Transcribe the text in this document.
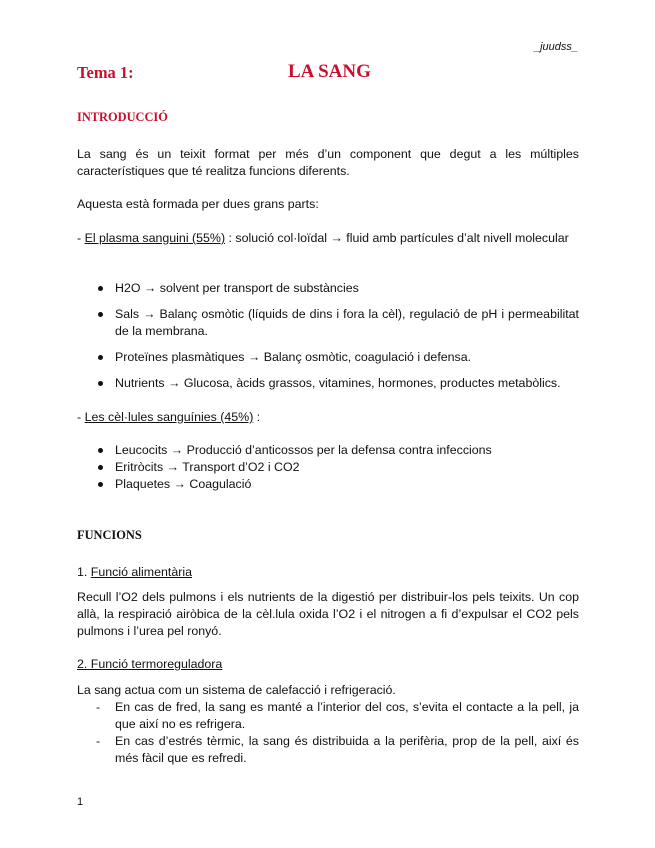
_juudss_
Tema 1:	LA SANG
INTRODUCCIÓ

La sang és un teixit format per més d’un component que degut a les múltiples característiques que té realitza funcions diferents.

Aquesta està formada per dues grans parts:

- El plasma sanguini (55%) : solució col·loïdal → fluid amb partícules d’alt nivell molecular

H2O → solvent per transport de substàncies
Sals → Balanç osmòtic (líquids de dins i fora la cèl), regulació de pH i permeabilitat de la membrana.
Proteïnes plasmàtiques → Balanç osmòtic, coagulació i defensa.
Nutrients → Glucosa, àcids grassos, vitamines, hormones, productes metabòlics.

- Les cèl·lules sanguínies (45%) :

Leucocits → Producció d’anticossos per la defensa contra infeccions
Eritròcits → Transport d’O2 i CO2
Plaquetes → Coagulació
FUNCIONS

1. Funció alimentària

Recull l’O2 dels pulmons i els nutrients de la digestió per distribuir-los pels teixits. Un cop allà, la respiració airòbica de la cèl.lula oxida l’O2 i el nitrogen a fi d’expulsar el CO2 pels pulmons i l’urea pel ronyó.

2. Funció termoreguladora

La sang actua com un sistema de calefacció i refrigeració.

- En cas de fred, la sang es manté a l’interior del cos, s’evita el contacte a la pell, ja que així no es refrigera.
- En cas d’estrés tèrmic, la sang és distribuida a la perifèria, prop de la pell, així és més fàcil que es refredi.
1
